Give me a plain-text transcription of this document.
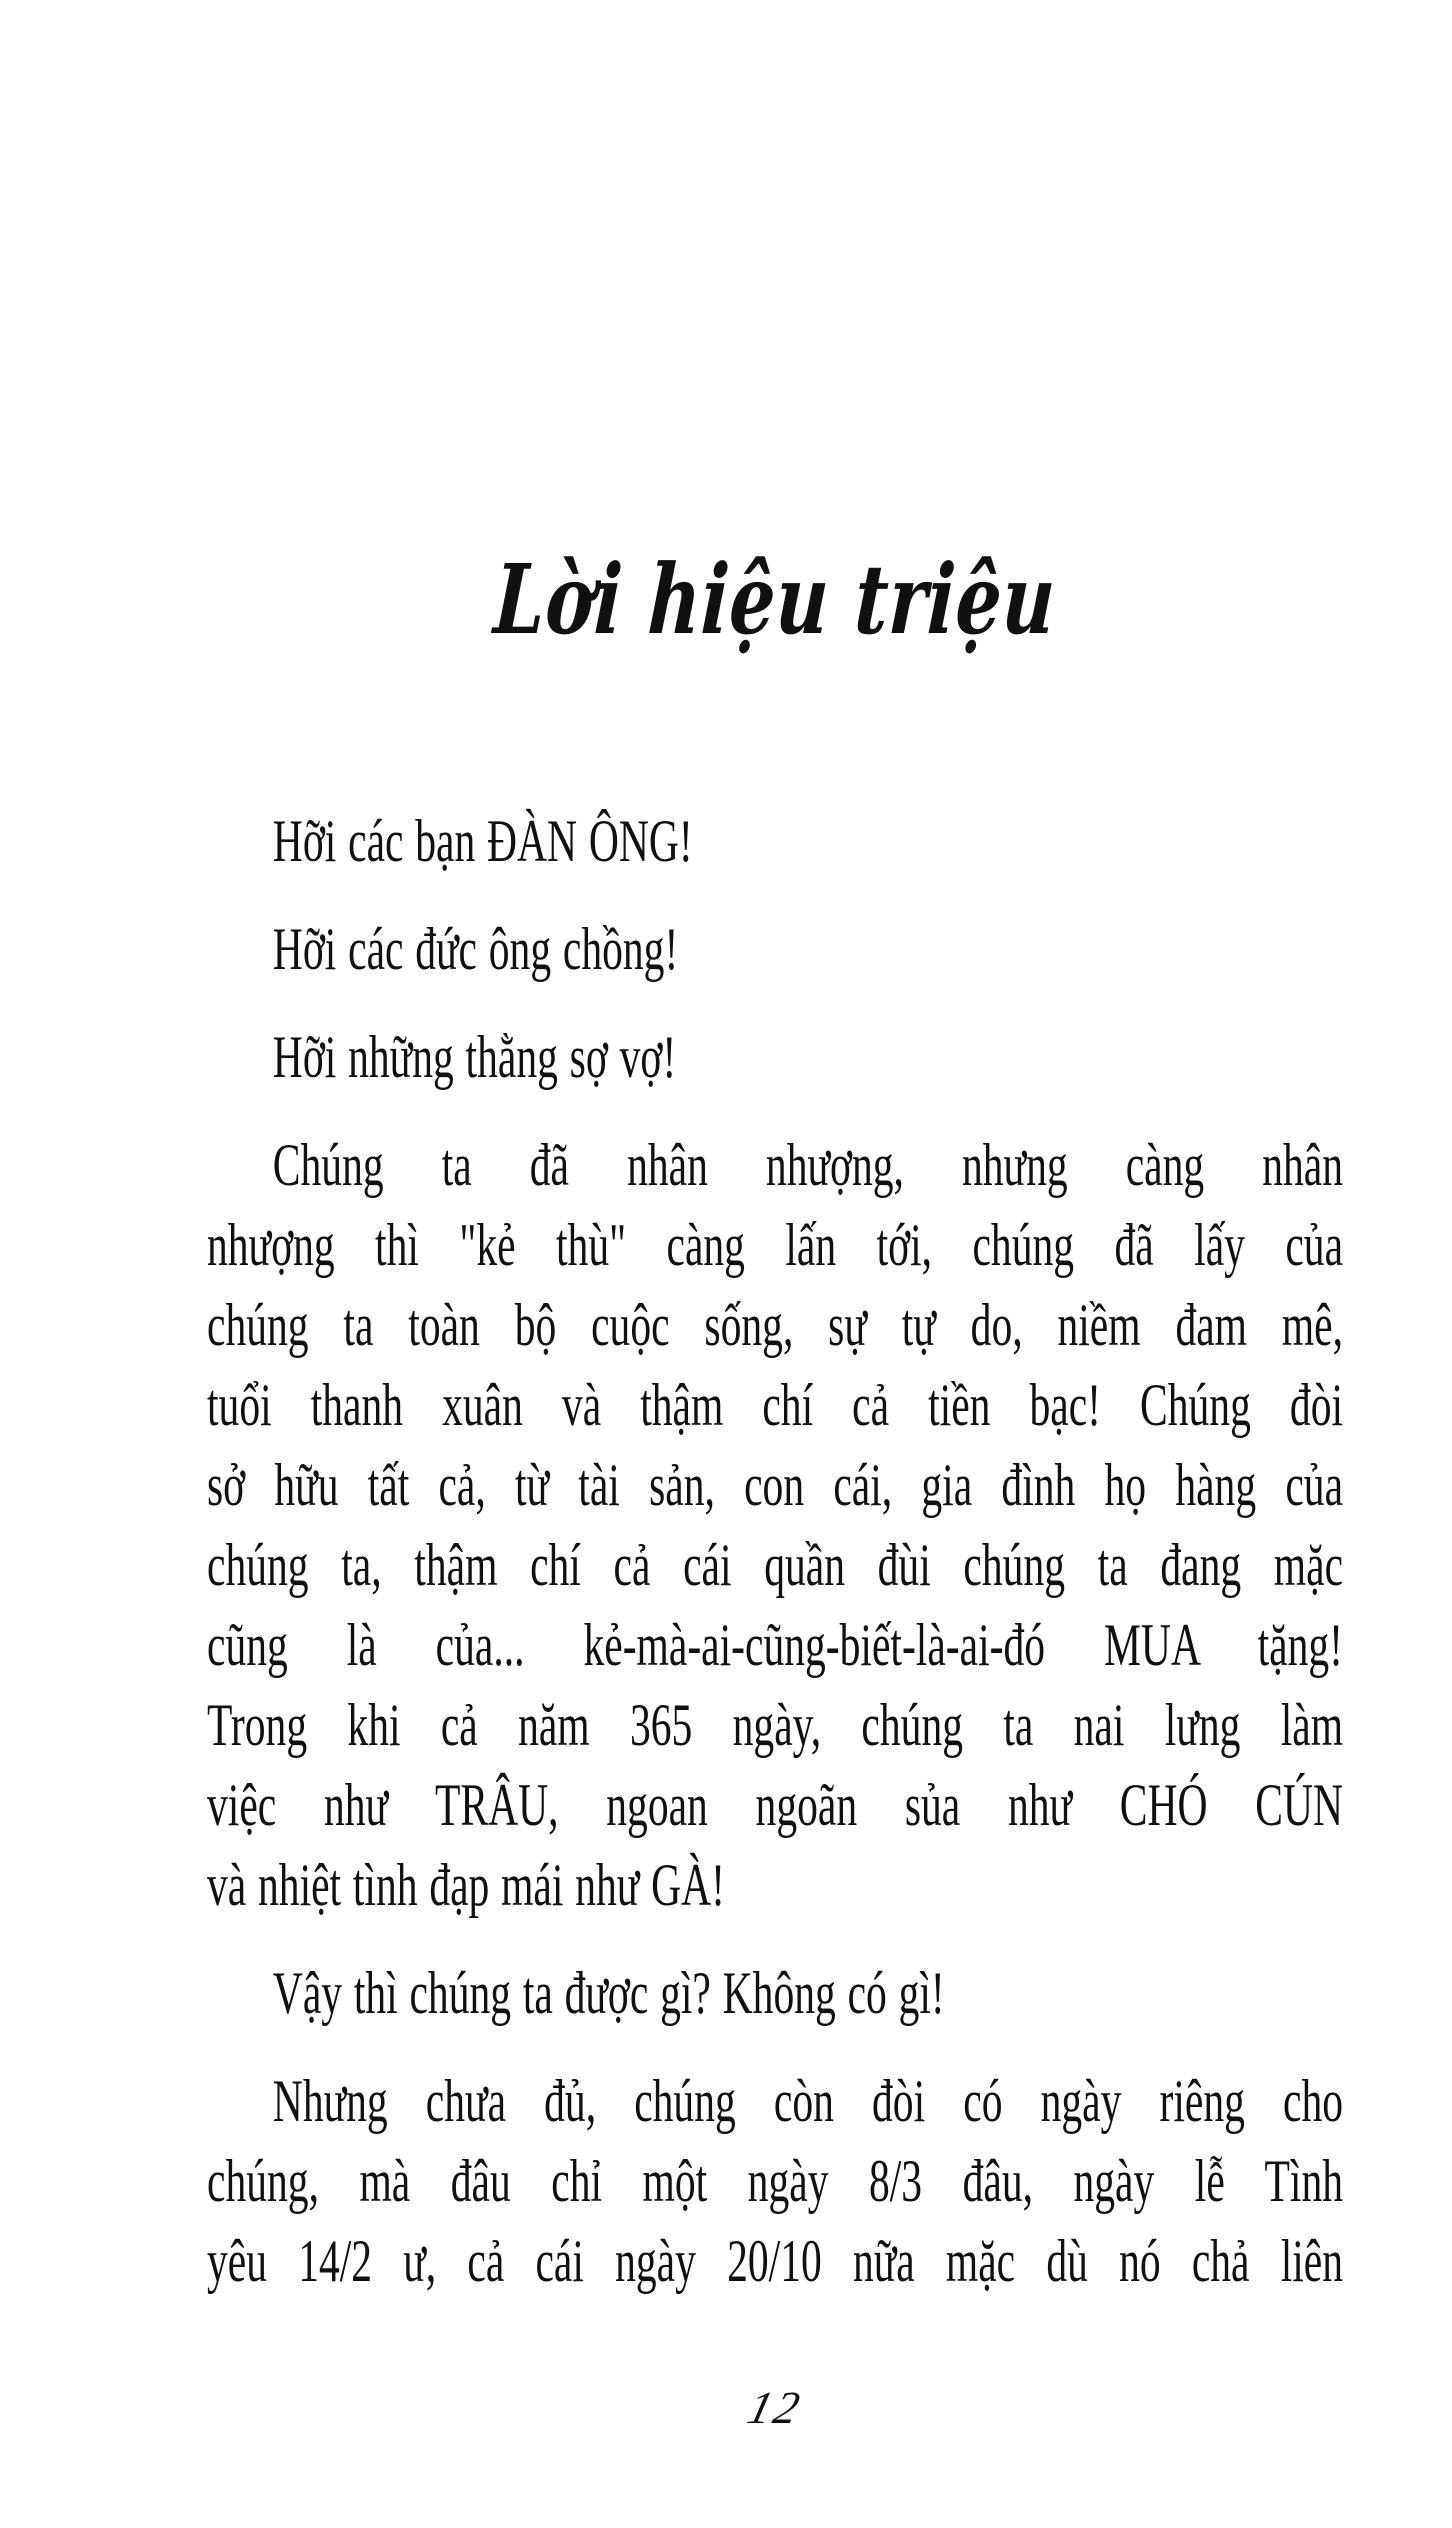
Lời hiệu triệu
Hỡi các bạn ĐÀN ÔNG!
Hỡi các đức ông chồng!
Hỡi những thằng sợ vợ!
Chúng ta đã nhân nhượng, nhưng càng nhân
nhượng thì "kẻ thù" càng lấn tới, chúng đã lấy của
chúng ta toàn bộ cuộc sống, sự tự do, niềm đam mê,
tuổi thanh xuân và thậm chí cả tiền bạc! Chúng đòi
sở hữu tất cả, từ tài sản, con cái, gia đình họ hàng của
chúng ta, thậm chí cả cái quần đùi chúng ta đang mặc
cũng là của... kẻ-mà-ai-cũng-biết-là-ai-đó MUA tặng!
Trong khi cả năm 365 ngày, chúng ta nai lưng làm
việc như TRÂU, ngoan ngoãn sủa như CHÓ CÚN
và nhiệt tình đạp mái như GÀ!
Vậy thì chúng ta được gì? Không có gì!
Nhưng chưa đủ, chúng còn đòi có ngày riêng cho
chúng, mà đâu chỉ một ngày 8/3 đâu, ngày lễ Tình
yêu 14/2 ư, cả cái ngày 20/10 nữa mặc dù nó chả liên
12
